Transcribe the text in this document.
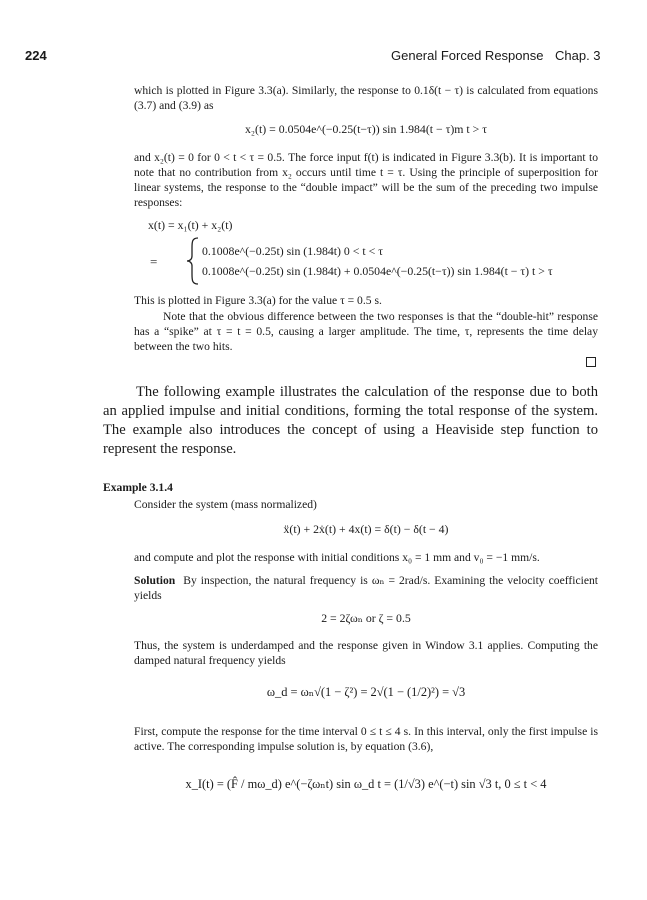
224	General Forced Response Chap. 3
which is plotted in Figure 3.3(a). Similarly, the response to 0.1δ(t − τ) is calculated from equations (3.7) and (3.9) as
x₂(t) = 0.0504e^(−0.25(t−τ)) sin 1.984(t − τ)m t > τ
and x₂(t) = 0 for 0 < t < τ = 0.5. The force input f(t) is indicated in Figure 3.3(b). It is important to note that no contribution from x₂ occurs until time t = τ. Using the principle of superposition for linear systems, the response to the “double impact” will be the sum of the preceding two impulse responses:
x(t) = x₁(t) + x₂(t)
=
0.1008e^(−0.25t) sin (1.984t) 0 < t < τ
0.1008e^(−0.25t) sin (1.984t) + 0.0504e^(−0.25(t−τ)) sin 1.984(t − τ) t > τ
This is plotted in Figure 3.3(a) for the value τ = 0.5 s.
Note that the obvious difference between the two responses is that the “double-hit” response has a “spike” at τ = t = 0.5, causing a larger amplitude. The time, τ, represents the time delay between the two hits.
The following example illustrates the calculation of the response due to both an applied impulse and initial conditions, forming the total response of the system. The example also introduces the concept of using a Heaviside step function to represent the response.
Example 3.1.4
Consider the system (mass normalized)
ẍ(t) + 2ẋ(t) + 4x(t) = δ(t) − δ(t − 4)
and compute and plot the response with initial conditions x₀ = 1 mm and v₀ = −1 mm/s.
Solution By inspection, the natural frequency is ωₙ = 2rad/s. Examining the velocity coefficient yields
2 = 2ζωₙ or ζ = 0.5
Thus, the system is underdamped and the response given in Window 3.1 applies. Computing the damped natural frequency yields
ω_d = ωₙ√(1 − ζ²) = 2√(1 − (1/2)²) = √3
First, compute the response for the time interval 0 ≤ t ≤ 4 s. In this interval, only the first impulse is active. The corresponding impulse solution is, by equation (3.6),
x_I(t) = (F̂ / mω_d) e^(−ζωₙt) sin ω_d t = (1/√3) e^(−t) sin √3 t, 0 ≤ t < 4
